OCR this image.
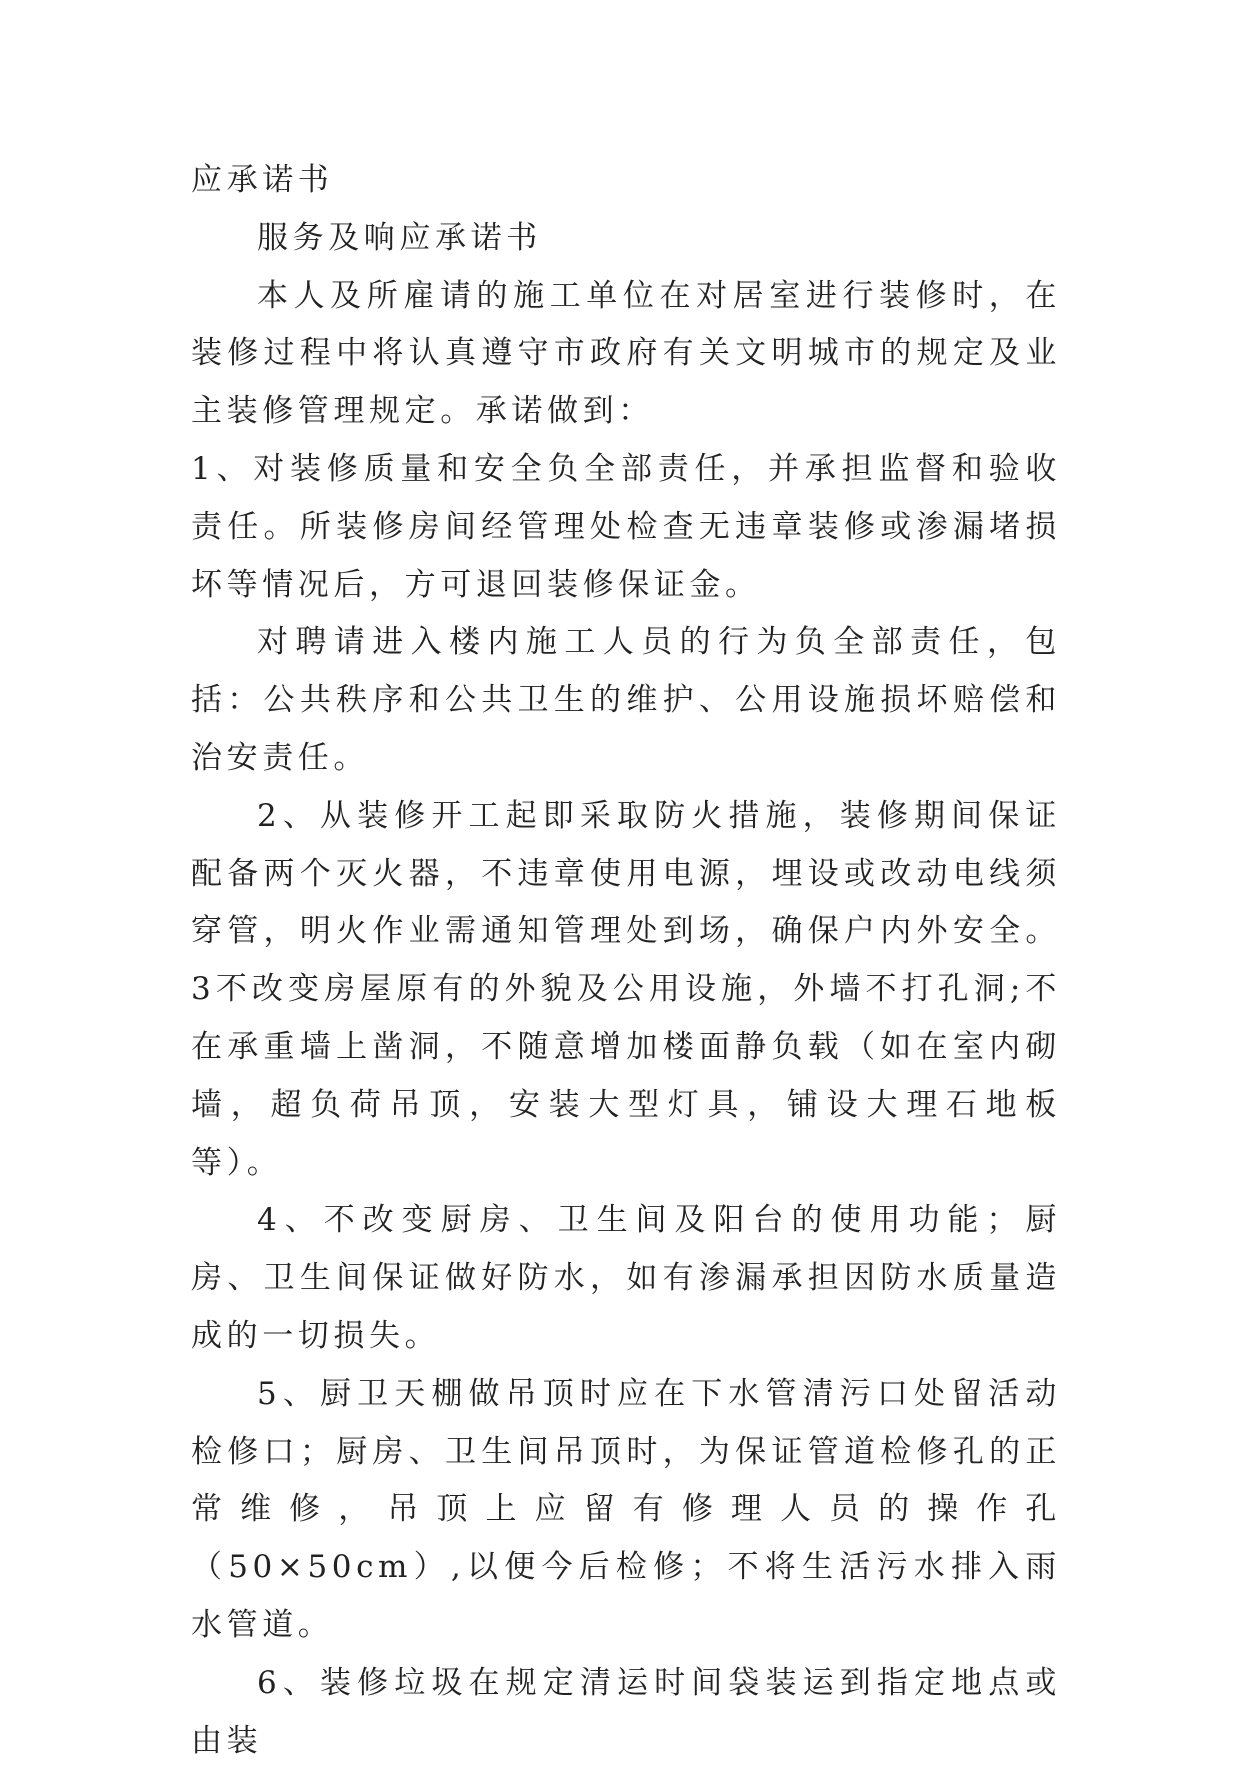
应承诺书

服务及响应承诺书

本人及所雇请的施工单位在对居室进行装修时，在装修过程中将认真遵守市政府有关文明城市的规定及业主装修管理规定。承诺做到：

1、对装修质量和安全负全部责任，并承担监督和验收责任。所装修房间经管理处检查无违章装修或渗漏堵损坏等情况后，方可退回装修保证金。

对聘请进入楼内施工人员的行为负全部责任，包括：公共秩序和公共卫生的维护、公用设施损坏赔偿和治安责任。

2、从装修开工起即采取防火措施，装修期间保证配备两个灭火器，不违章使用电源，埋设或改动电线须穿管，明火作业需通知管理处到场，确保户内外安全。 3不改变房屋原有的外貌及公用设施，外墙不打孔洞;不在承重墙上凿洞，不随意增加楼面静负载（如在室内砌墙，超负荷吊顶，安装大型灯具，铺设大理石地板等）。

4、不改变厨房、卫生间及阳台的使用功能；厨房、卫生间保证做好防水，如有渗漏承担因防水质量造成的一切损失。

5、厨卫天棚做吊顶时应在下水管清污口处留活动检修口；厨房、卫生间吊顶时，为保证管道检修孔的正常维修，吊顶上应留有修理人员的操作孔（50×50cm）,以便今后检修；不将生活污水排入雨水管道。

6、装修垃圾在规定清运时间袋装运到指定地点或由装
